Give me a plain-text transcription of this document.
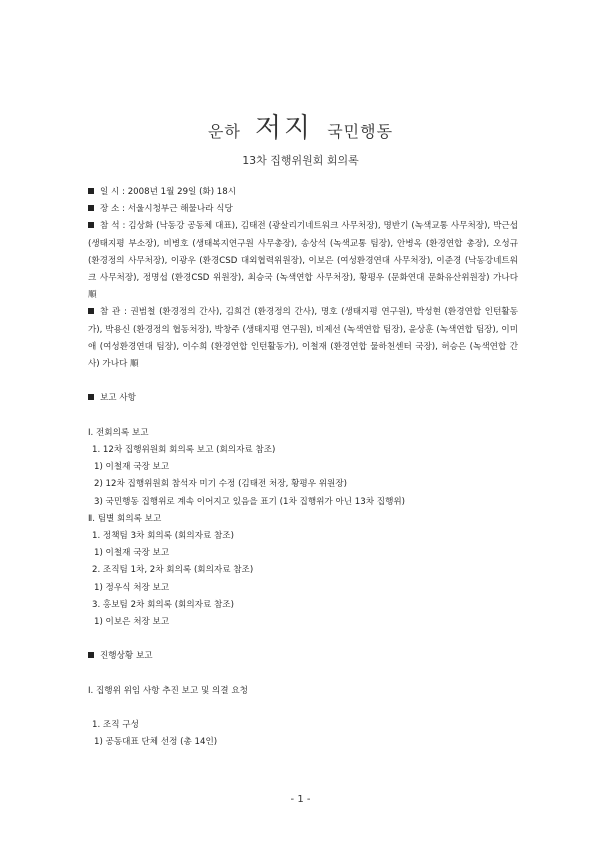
운하 저지 국민행동
13차 집행위원회 회의록
일 시 : 2008년 1월 29일 (화) 18시
장 소 : 서울시청부근 해물나라 식당
참 석 : 김상화 (낙동강 공동체 대표), 김태전 (광살리기네트워크 사무처장), 명반기 (녹색교통 사무처장), 박근섭 (생태지평 부소장), 비병호 (생태복지연구원 사무총장), 송상석 (녹색교통 팀장), 안병옥 (환경연합 총장), 오성규 (환경정의 사무처장), 이광우 (환경CSD 대외협력위원장), 이보은 (여성환경연대 사무처장), 이준경 (낙동강네트워크 사무처장), 정명섭 (환경CSD 위원장), 최승국 (녹색연합 사무처장), 황평우 (문화연대 문화유산위원장) 가나다 順
참 관 : 권범철 (환경정의 간사), 김희건 (환경정의 간사), 명호 (생태지평 연구원), 박성현 (환경연합 인턴활동가), 박용신 (환경정의 협동처장), 박창주 (생태지평 연구원), 비제선 (녹색연합 팀장), 윤상훈 (녹색연합 팀장), 이미애 (여성환경연대 팀장), 이수희 (환경연합 인턴활동가), 이철재 (환경연합 물하천센터 국장), 허승은 (녹색연합 간사) 가나다 順
보고 사항
Ⅰ. 전회의록 보고
1. 12차 집행위원회 회의록 보고 (회의자료 참조)
1) 이철재 국장 보고
2) 12차 집행위원회 참석자 미기 수정 (김태전 처장, 황평우 위원장)
3) 국민행동 집행위로 계속 이어지고 있음을 표기 (1차 집행위가 아닌 13차 집행위)
Ⅱ. 팀별 회의록 보고
1. 정책팀 3차 회의록 (회의자료 참조)
1) 이철재 국장 보고
2. 조직팀 1차, 2차 회의록 (회의자료 참조)
1) 정우식 처장 보고
3. 홍보팀 2차 회의록 (회의자료 참조)
1) 이보은 처장 보고
진행상황 보고
Ⅰ. 집행위 위임 사항 추진 보고 및 의결 요청
1. 조직 구성
1) 공동대표 단체 선정 (총 14인)
- 1 -
